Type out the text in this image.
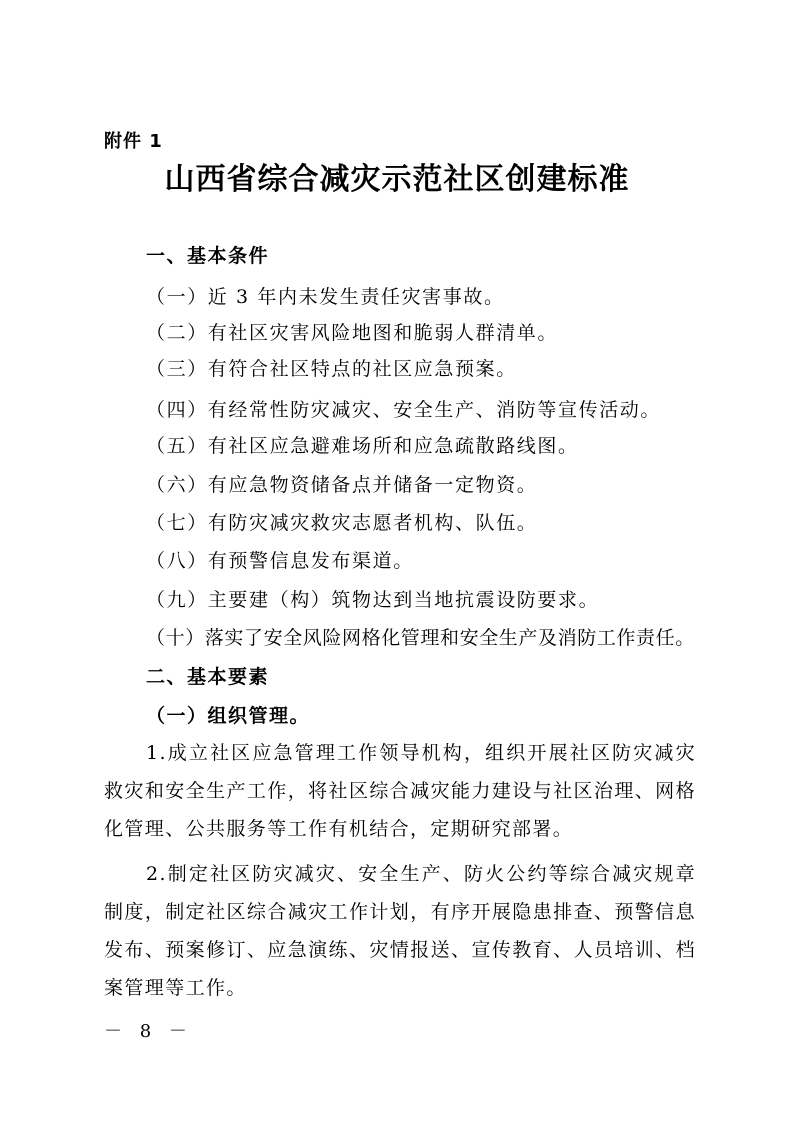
附件 1
山西省综合减灾示范社区创建标准
一、基本条件
（一）近 3 年内未发生责任灾害事故。
（二）有社区灾害风险地图和脆弱人群清单。
（三）有符合社区特点的社区应急预案。
（四）有经常性防灾减灾、安全生产、消防等宣传活动。
（五）有社区应急避难场所和应急疏散路线图。
（六）有应急物资储备点并储备一定物资。
（七）有防灾减灾救灾志愿者机构、队伍。
（八）有预警信息发布渠道。
（九）主要建（构）筑物达到当地抗震设防要求。
（十）落实了安全风险网格化管理和安全生产及消防工作责任。
二、基本要素
（一）组织管理。
1.成立社区应急管理工作领导机构，组织开展社区防灾减灾救灾和安全生产工作，将社区综合减灾能力建设与社区治理、网格化管理、公共服务等工作有机结合，定期研究部署。
2.制定社区防灾减灾、安全生产、防火公约等综合减灾规章制度，制定社区综合减灾工作计划，有序开展隐患排查、预警信息发布、预案修订、应急演练、灾情报送、宣传教育、人员培训、档案管理等工作。
－ 8 －
